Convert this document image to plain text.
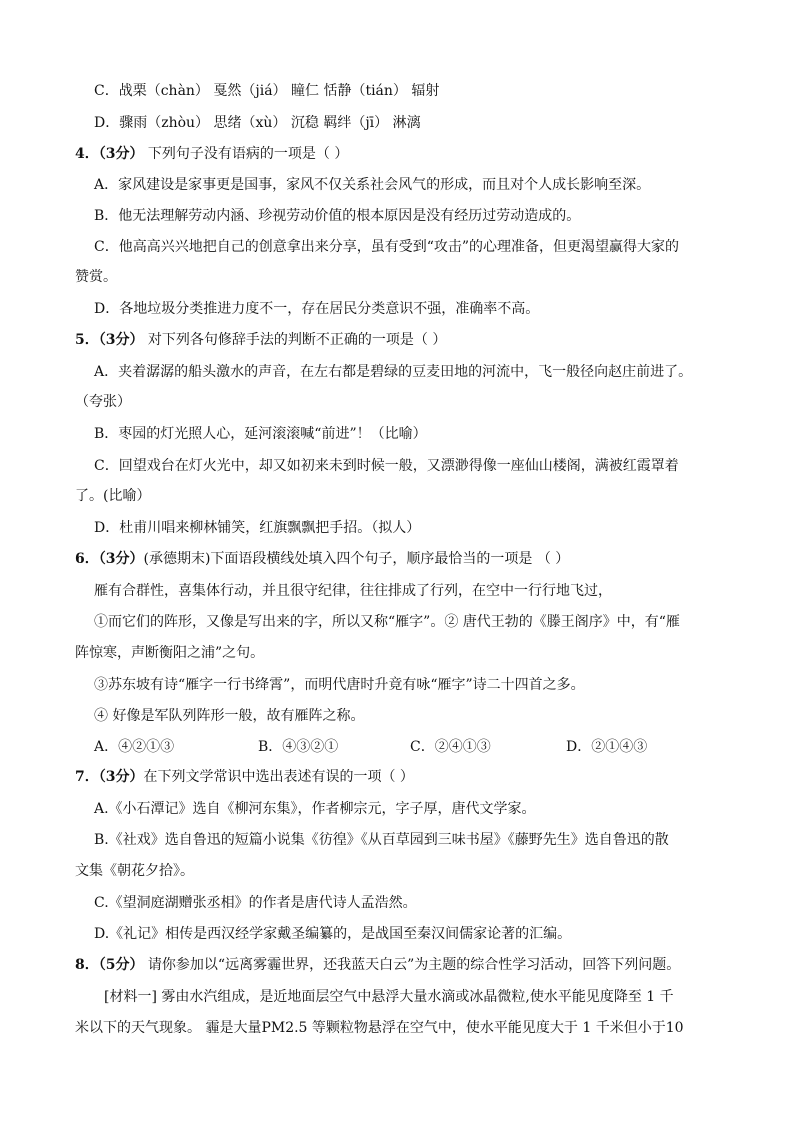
C．战栗（chàn） 戛然（jiá） 瞳仁 恬静（tián） 辐射
D．骤雨（zhòu） 思绪（xù） 沉稳 羁绊（jī） 淋漓
4．（3分） 下列句子没有语病的一项是（ ）
A．家风建设是家事更是国事，家风不仅关系社会风气的形成，而且对个人成长影响至深。
B．他无法理解劳动内涵、珍视劳动价值的根本原因是没有经历过劳动造成的。
C．他高高兴兴地把自己的创意拿出来分享，虽有受到“攻击”的心理准备，但更渴望赢得大家的
赞赏。
D．各地垃圾分类推进力度不一，存在居民分类意识不强，准确率不高。
5．（3分） 对下列各句修辞手法的判断不正确的一项是（ ）
A．夹着潺潺的船头激水的声音，在左右都是碧绿的豆麦田地的河流中，飞一般径向赵庄前进了。
（夸张）
B．枣园的灯光照人心，延河滚滚喊“前进”！（比喻）
C．回望戏台在灯火光中，却又如初来未到时候一般，又漂渺得像一座仙山楼阁，满被红霞罩着
了。(比喻）
D．杜甫川唱来柳林铺笑，红旗飘飘把手招。（拟人）
6．（3分）(承德期末)下面语段横线处填入四个句子，顺序最恰当的一项是 （ ）
雁有合群性，喜集体行动，并且很守纪律，往往排成了行列，在空中一行行地飞过，
①而它们的阵形，又像是写出来的字，所以又称“雁字”。② 唐代王勃的《滕王阁序》中，有“雁
阵惊寒，声断衡阳之浦”之句。
③苏东坡有诗“雁字一行书绛霄”，而明代唐时升竟有咏“雁字”诗二十四首之多。
④ 好像是军队列阵形一般，故有雁阵之称。
A．④②①③	B．④③②①	C．②④①③	D．②①④③
7．（3分）在下列文学常识中选出表述有误的一项（ ）
A.《小石潭记》选自《柳河东集》，作者柳宗元，字子厚，唐代文学家。
B.《社戏》选自鲁迅的短篇小说集《彷徨》《从百草园到三味书屋》《藤野先生》选自鲁迅的散
文集《朝花夕拾》。
C.《望洞庭湖赠张丞相》的作者是唐代诗人孟浩然。
D.《礼记》相传是西汉经学家戴圣编纂的，是战国至秦汉间儒家论著的汇编。
8．（5分） 请你参加以“远离雾霾世界，还我蓝天白云”为主题的综合性学习活动，回答下列问题。
[材料一] 雾由水汽组成，是近地面层空气中悬浮大量水滴或冰晶微粒,使水平能见度降至 1 千
米以下的天气现象。 霾是大量PM2.5 等颗粒物悬浮在空气中，使水平能见度大于 1 千米但小于10
